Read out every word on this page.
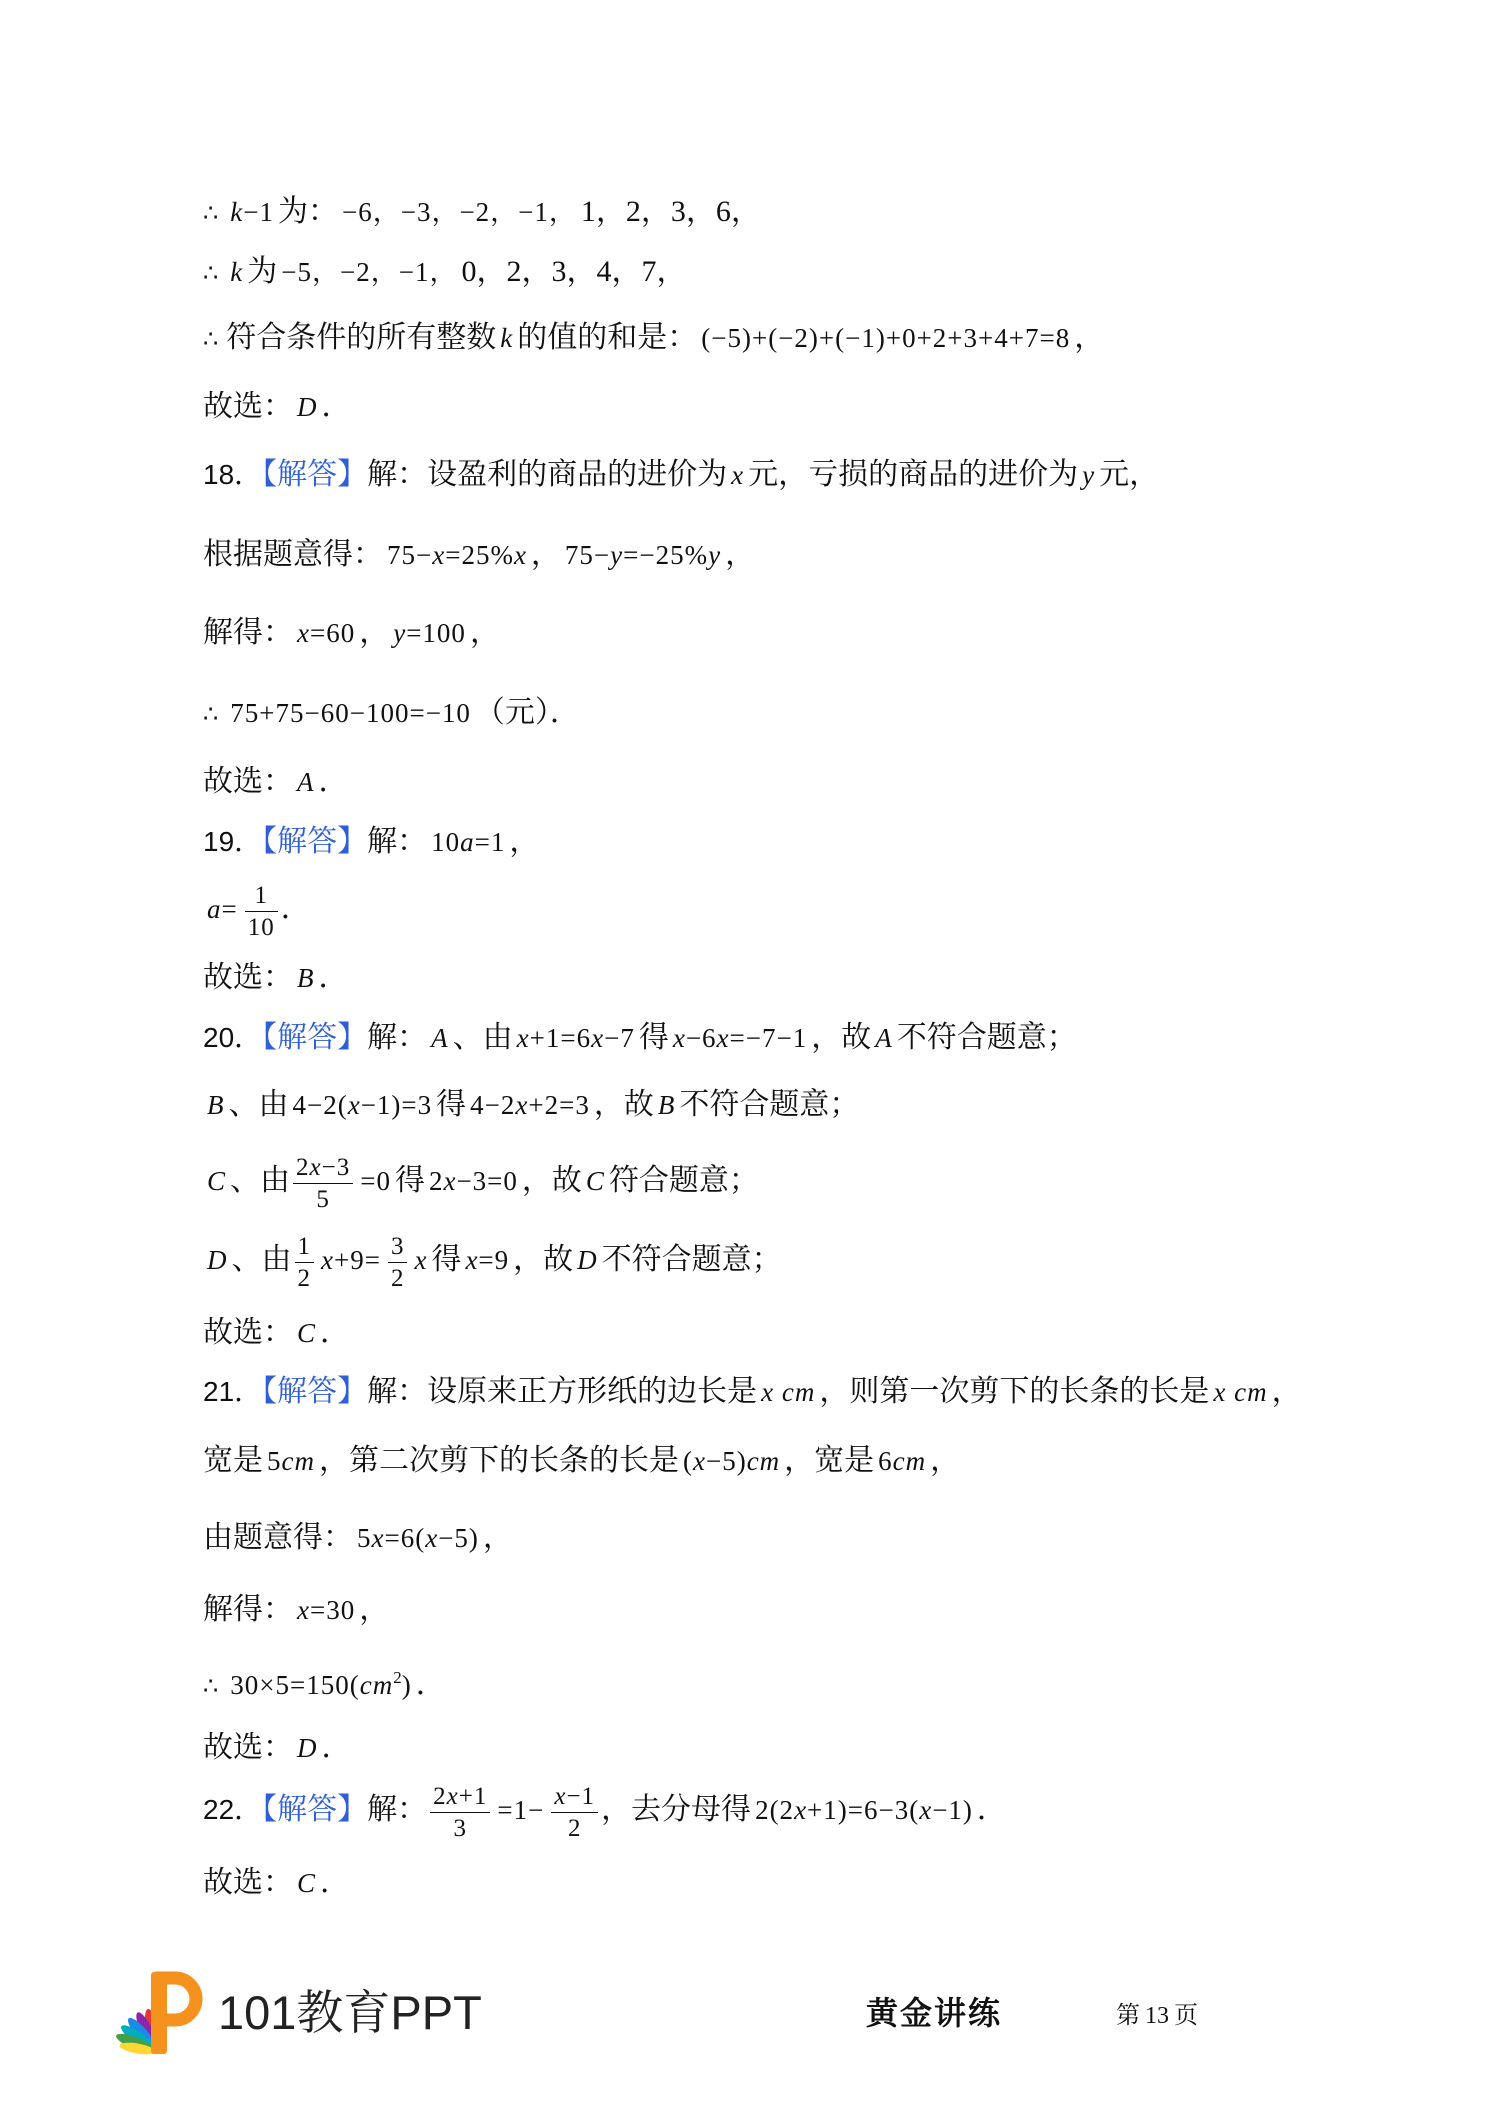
∴ k−1 为： −6，−3，−2，−1， 1，2，3，6，
∴ k 为 −5，−2，−1， 0，2，3，4，7，
∴ 符合条件的所有整数 k 的值的和是： (−5)+(−2)+(−1)+0+2+3+4+7=8 ，
故选： D ．
18．【解答】解：设盈利的商品的进价为 x 元，亏损的商品的进价为 y 元，
根据题意得： 75−x=25%x ， 75−y=−25%y ，
解得： x=60 ， y=100 ，
∴ 75+75−60−100=−10 （元）．
故选： A ．
19．【解答】解： 10a=1 ，
$a= \frac{1}{10}$ ．
故选： B ．
20．【解答】解： A 、由 x+1=6x−7 得 x−6x=−7−1 ，故 A 不符合题意；
B 、由 4−2(x−1)=3 得 4−2x+2=3 ，故 B 不符合题意；
C 、由 $\frac{2x-3}{5} =0$ 得 2x−3=0 ，故 C 符合题意；
D 、由 $\frac{1}{2} x+9= \frac{3}{2}$ x 得 x=9 ，故 D 不符合题意；
故选： C ．
21．【解答】解：设原来正方形纸的边长是 x cm ，则第一次剪下的长条的长是 x cm ，
宽是 5cm ，第二次剪下的长条的长是 (x−5)cm ，宽是 6cm ，
由题意得： 5x=6(x−5) ，
解得： x=30 ，
∴ $30\times 5=150(cm^2)$ ．
故选： D ．
22．【解答】解： $\frac{2x+1}{3} =1- \frac{x-1}{2}$ ，去分母得 2(2x+1)=6−3(x−1) ．
故选： C ．
101教育PPT	黄金讲练	第 13 页
